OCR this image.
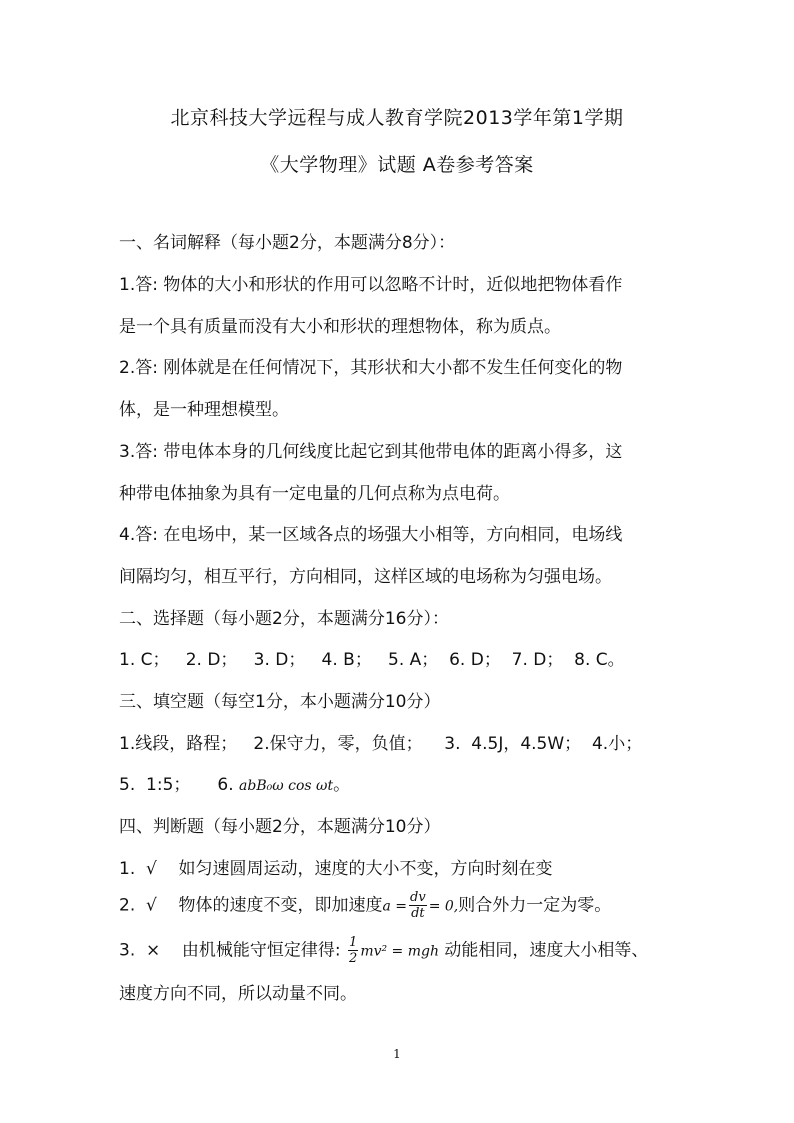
北京科技大学远程与成人教育学院2013学年第1学期
《大学物理》试题 A卷参考答案
一、名词解释（每小题2分，本题满分8分）：
1.答: 物体的大小和形状的作用可以忽略不计时，近似地把物体看作
是一个具有质量而没有大小和形状的理想物体，称为质点。
2.答: 刚体就是在任何情况下，其形状和大小都不发生任何变化的物
体，是一种理想模型。
3.答: 带电体本身的几何线度比起它到其他带电体的距离小得多，这
种带电体抽象为具有一定电量的几何点称为点电荷。
4.答: 在电场中，某一区域各点的场强大小相等，方向相同，电场线
间隔均匀，相互平行，方向相同，这样区域的电场称为匀强电场。
二、选择题（每小题2分，本题满分16分）：
1. C；   2. D；   3. D；   4. B；   5. A；  6. D；  7. D；  8. C。
三、填空题（每空1分，本小题满分10分）
1.线段，路程；   2.保守力，零，负值；    3.  4.5J，4.5W；  4.小；
5.  1:5；     6. abB₀ω cos ωt。
四、判断题（每小题2分，本题满分10分）
1.  √    如匀速圆周运动，速度的大小不变，方向时刻在变
2.  √    物体的速度不变，即加速度$a = \frac{dv}{dt} = 0$,则合外力一定为零。
3.  ×    由机械能守恒定律得: $\frac{1}{2} mv^2$ = mgh 动能相同，速度大小相等、
速度方向不同，所以动量不同。
1
